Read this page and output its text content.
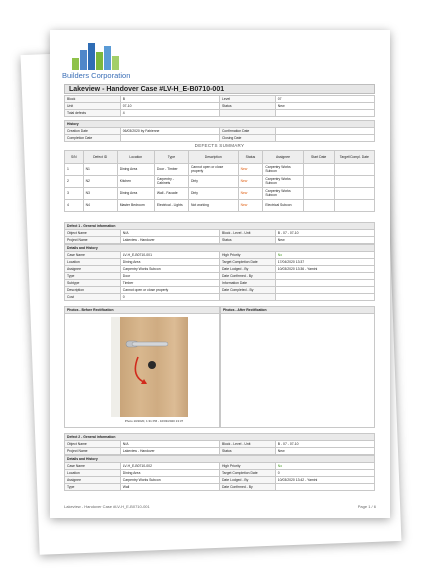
Builders Corporation
Lakeview - Handover Case #LV-H_E-B0710-001
Block	B	Level	07
Unit	07-10	Status	New
Total defects	4		
History			
Creation Date	06/03/2020 by Fabienne	Confirmation Date	
Completion Date		Closing Date	
DEFECTS SUMMARY
S/N	Defect ID	Location	Type	Description	Status	Assignee	Start Date	Target/Compl. Date
1	N1	Dining Area	Door - Timber	Cannot open or close properly	New	Carpentry Works Subcon		
2	N2	Kitchen	Carpentry - Cabinets	Dirty	New	Carpentry Works Subcon		
3	N3	Dining Area	Wall - Facade	Dirty	New	Carpentry Works Subcon		
4	N4	Master Bedroom	Electrical - Lights	Not working	New	Electrical Subcon		
Defect 1 - General information			
Object Name	N/A	Block - Level - Unit	B - 07 - 07-10
Project Name	Lakeview - Handover	Status	New
Details and History			
Case Name	LV-H_E-B0710-001	High Priority	No
Location	Dining Area	Target Completion Date	17/04/2020 13:37
Assignee	Carpentry Works Subcon	Date Lodged - By	10/03/2020 13:36 - Yamini
Type	Door	Date Confirmed - By	
Subtype	Timber	Information Date	
Description	Cannot open or close properly	Date Completed - By	
Cost	0		
Photos - Before Rectification
Photo 10/2020, 1:31 PM - 10/03/2020 13:37
Photos - After Rectification
Defect 2 - General information			
Object Name	N/A	Block - Level - Unit	B - 07 - 07-10
Project Name	Lakeview - Handover	Status	New
Details and History			
Case Name	LV-H_E-B0710-002	High Priority	No
Location	Dining Area	Target Completion Date	0
Assignee	Carpentry Works Subcon	Date Lodged - By	10/03/2020 13:42 - Yamini
Type	Wall	Date Confirmed - By	
Lakeview - Handover Case #LV-H_E-B0710-001	Page 1 / 6
